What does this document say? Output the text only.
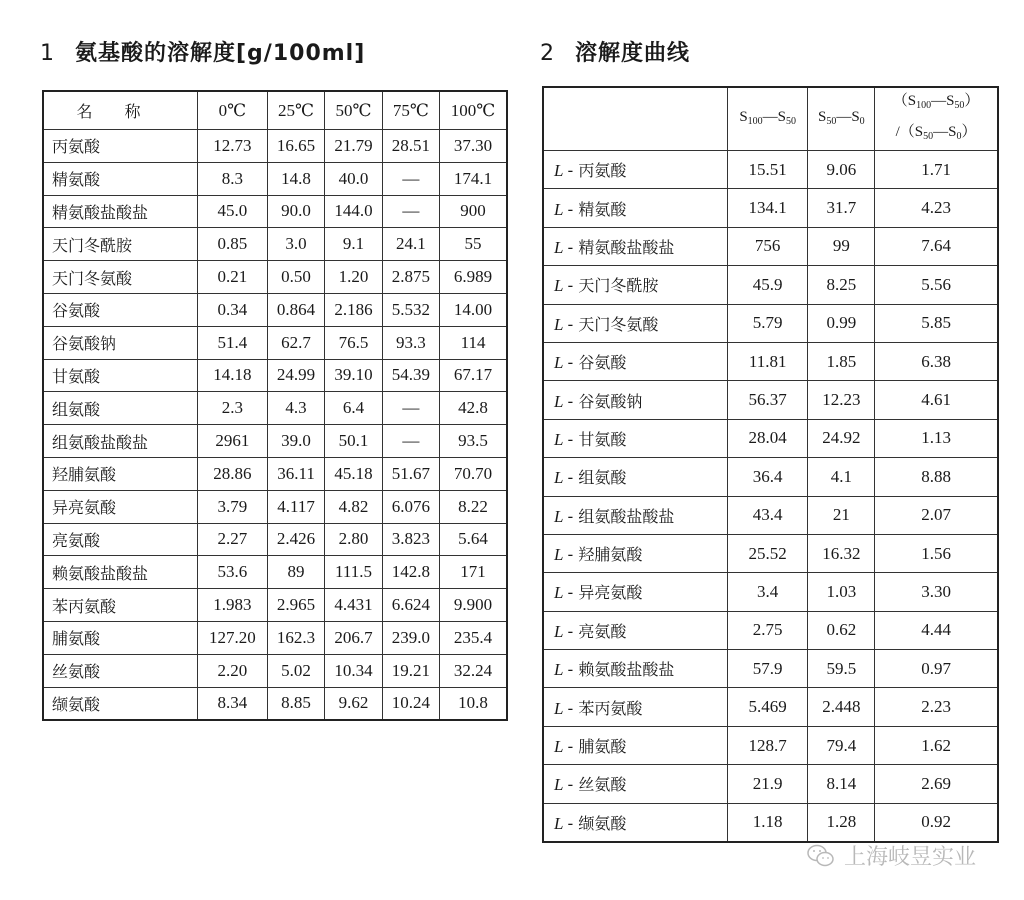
1 氨基酸的溶解度[g/100ml]	2 溶解度曲线
名称	0℃	25℃	50℃	75℃	100℃
丙氨酸	12.73	16.65	21.79	28.51	37.30
精氨酸	8.3	14.8	40.0	—	174.1
精氨酸盐酸盐	45.0	90.0	144.0	—	900
天门冬酰胺	0.85	3.0	9.1	24.1	55
天门冬氨酸	0.21	0.50	1.20	2.875	6.989
谷氨酸	0.34	0.864	2.186	5.532	14.00
谷氨酸钠	51.4	62.7	76.5	93.3	114
甘氨酸	14.18	24.99	39.10	54.39	67.17
组氨酸	2.3	4.3	6.4	—	42.8
组氨酸盐酸盐	2961	39.0	50.1	—	93.5
羟脯氨酸	28.86	36.11	45.18	51.67	70.70
异亮氨酸	3.79	4.117	4.82	6.076	8.22
亮氨酸	2.27	2.426	2.80	3.823	5.64
赖氨酸盐酸盐	53.6	89	111.5	142.8	171
苯丙氨酸	1.983	2.965	4.431	6.624	9.900
脯氨酸	127.20	162.3	206.7	239.0	235.4
丝氨酸	2.20	5.02	10.34	19.21	32.24
缬氨酸	8.34	8.85	9.62	10.24	10.8
	$S_{100}—S_{50}$	$S_{50}—S_0$	$(S_{100}—S_{50})$
$/(S_{50}—S_0)$

L - 丙氨酸	15.51	9.06	1.71
L - 精氨酸	134.1	31.7	4.23
L - 精氨酸盐酸盐	756	99	7.64
L - 天门冬酰胺	45.9	8.25	5.56
L - 天门冬氨酸	5.79	0.99	5.85
L - 谷氨酸	11.81	1.85	6.38
L - 谷氨酸钠	56.37	12.23	4.61
L - 甘氨酸	28.04	24.92	1.13
L - 组氨酸	36.4	4.1	8.88
L - 组氨酸盐酸盐	43.4	21	2.07
L - 羟脯氨酸	25.52	16.32	1.56
L - 异亮氨酸	3.4	1.03	3.30
L - 亮氨酸	2.75	0.62	4.44
L - 赖氨酸盐酸盐	57.9	59.5	0.97
L - 苯丙氨酸	5.469	2.448	2.23
L - 脯氨酸	128.7	79.4	1.62
L - 丝氨酸	21.9	8.14	2.69
L - 缬氨酸	1.18	1.28	0.92
上海岐昱实业
